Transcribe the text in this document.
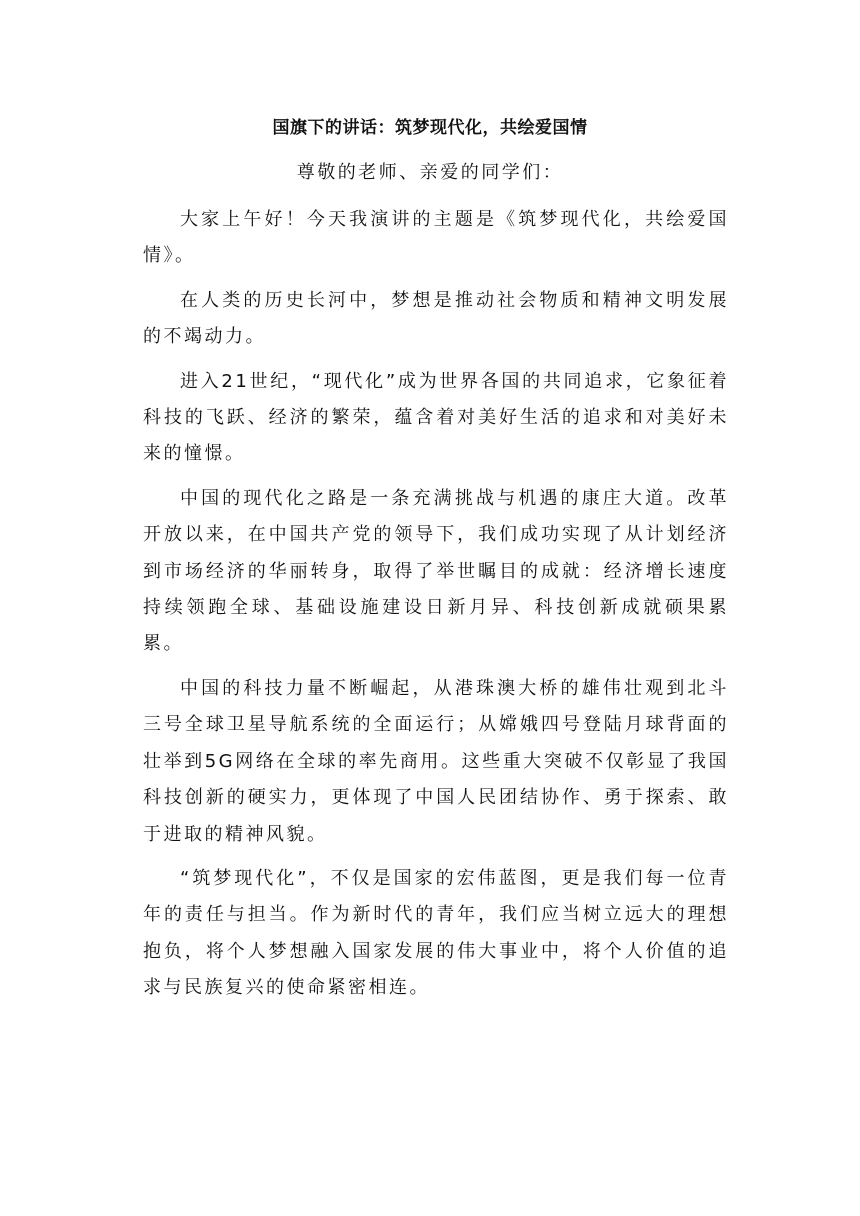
国旗下的讲话：筑梦现代化，共绘爱国情
尊敬的老师、亲爱的同学们：

大家上午好！今天我演讲的主题是《筑梦现代化，共绘爱国情》。

在人类的历史长河中，梦想是推动社会物质和精神文明发展的不竭动力。

进入21世纪，“现代化”成为世界各国的共同追求，它象征着科技的飞跃、经济的繁荣，蕴含着对美好生活的追求和对美好未来的憧憬。

中国的现代化之路是一条充满挑战与机遇的康庄大道。改革开放以来，在中国共产党的领导下，我们成功实现了从计划经济到市场经济的华丽转身，取得了举世瞩目的成就：经济增长速度持续领跑全球、基础设施建设日新月异、科技创新成就硕果累累。

中国的科技力量不断崛起，从港珠澳大桥的雄伟壮观到北斗三号全球卫星导航系统的全面运行；从嫦娥四号登陆月球背面的壮举到5G网络在全球的率先商用。这些重大突破不仅彰显了我国科技创新的硬实力，更体现了中国人民团结协作、勇于探索、敢于进取的精神风貌。

“筑梦现代化”，不仅是国家的宏伟蓝图，更是我们每一位青年的责任与担当。作为新时代的青年，我们应当树立远大的理想抱负，将个人梦想融入国家发展的伟大事业中，将个人价值的追求与民族复兴的使命紧密相连。
